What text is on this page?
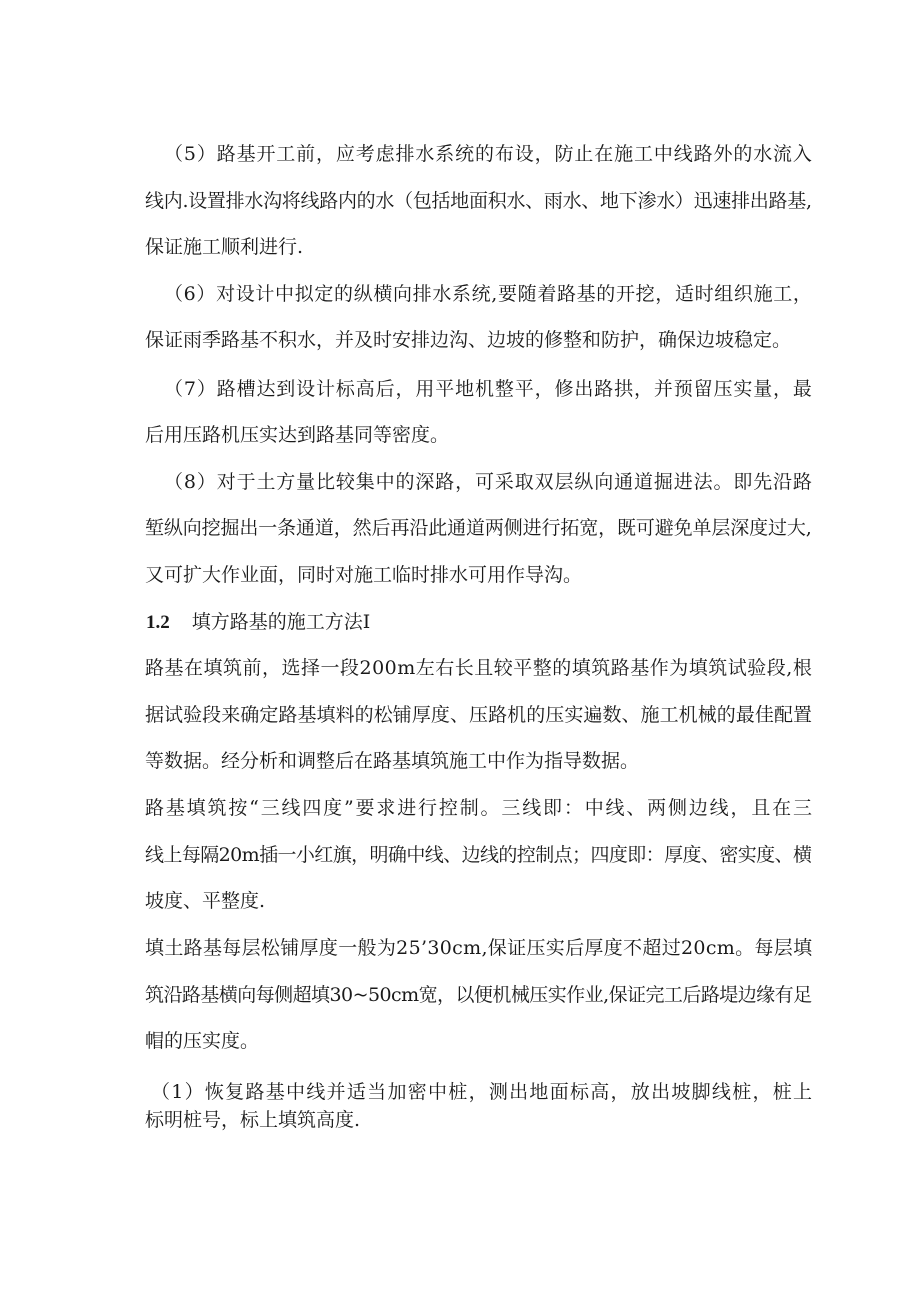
（5）路基开工前，应考虑排水系统的布设，防止在施工中线路外的水流入
线内.设置排水沟将线路内的水（包括地面积水、雨水、地下渗水）迅速排出路基,
保证施工顺利进行.
（6）对设计中拟定的纵横向排水系统,要随着路基的开挖，适时组织施工，
保证雨季路基不积水，并及时安排边沟、边坡的修整和防护，确保边坡稳定。
（7）路槽达到设计标高后，用平地机整平，修出路拱，并预留压实量，最
后用压路机压实达到路基同等密度。
（8）对于土方量比较集中的深路，可采取双层纵向通道掘进法。即先沿路
堑纵向挖掘出一条通道，然后再沿此通道两侧进行拓宽，既可避免单层深度过大,
又可扩大作业面，同时对施工临时排水可用作导沟。
1.2 填方路基的施工方法I
路基在填筑前，选择一段200m左右长且较平整的填筑路基作为填筑试验段,根
据试验段来确定路基填料的松铺厚度、压路机的压实遍数、施工机械的最佳配置
等数据。经分析和调整后在路基填筑施工中作为指导数据。
路基填筑按“三线四度”要求进行控制。三线即：中线、两侧边线，且在三
线上每隔20m插一小红旗，明确中线、边线的控制点；四度即：厚度、密实度、横
坡度、平整度.
填土路基每层松铺厚度一般为25’30cm,保证压实后厚度不超过20cm。每层填
筑沿路基横向每侧超填30~50cm宽，以便机械压实作业,保证完工后路堤边缘有足
帽的压实度。
（1）恢复路基中线并适当加密中桩，测出地面标高，放出坡脚线桩，桩上
标明桩号，标上填筑高度.
